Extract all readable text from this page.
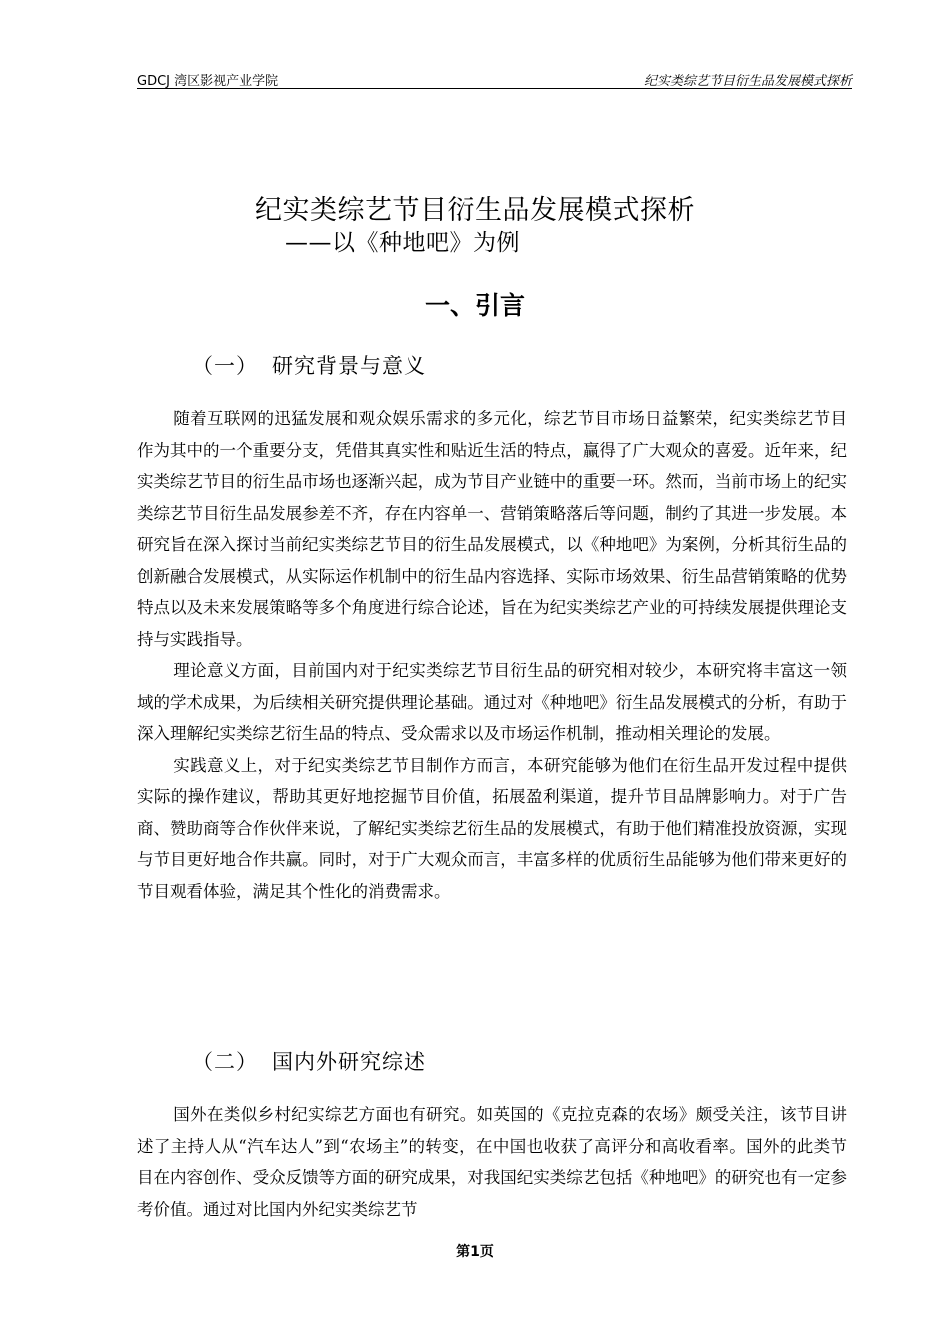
GDCJ 湾区影视产业学院	纪实类综艺节目衍生品发展模式探析
纪实类综艺节目衍生品发展模式探析
——以《种地吧》为例
一、引言
（一） 研究背景与意义

随着互联网的迅猛发展和观众娱乐需求的多元化，综艺节目市场日益繁荣，纪实类综艺节目作为其中的一个重要分支，凭借其真实性和贴近生活的特点，赢得了广大观众的喜爱。近年来，纪实类综艺节目的衍生品市场也逐渐兴起，成为节目产业链中的重要一环。然而，当前市场上的纪实类综艺节目衍生品发展参差不齐，存在内容单一、营销策略落后等问题，制约了其进一步发展。本研究旨在深入探讨当前纪实类综艺节目的衍生品发展模式，以《种地吧》为案例，分析其衍生品的创新融合发展模式，从实际运作机制中的衍生品内容选择、实际市场效果、衍生品营销策略的优势特点以及未来发展策略等多个角度进行综合论述，旨在为纪实类综艺产业的可持续发展提供理论支持与实践指导。

理论意义方面，目前国内对于纪实类综艺节目衍生品的研究相对较少，本研究将丰富这一领域的学术成果，为后续相关研究提供理论基础。通过对《种地吧》衍生品发展模式的分析，有助于深入理解纪实类综艺衍生品的特点、受众需求以及市场运作机制，推动相关理论的发展。

实践意义上，对于纪实类综艺节目制作方而言，本研究能够为他们在衍生品开发过程中提供实际的操作建议，帮助其更好地挖掘节目价值，拓展盈利渠道，提升节目品牌影响力。对于广告商、赞助商等合作伙伴来说，了解纪实类综艺衍生品的发展模式，有助于他们精准投放资源，实现与节目更好地合作共赢。同时，对于广大观众而言，丰富多样的优质衍生品能够为他们带来更好的节目观看体验，满足其个性化的消费需求。

（二） 国内外研究综述

国外在类似乡村纪实综艺方面也有研究。如英国的《克拉克森的农场》颇受关注，该节目讲述了主持人从“汽车达人”到“农场主”的转变，在中国也收获了高评分和高收看率。国外的此类节目在内容创作、受众反馈等方面的研究成果，对我国纪实类综艺包括《种地吧》的研究也有一定参考价值。通过对比国内外纪实类综艺节

第1页
